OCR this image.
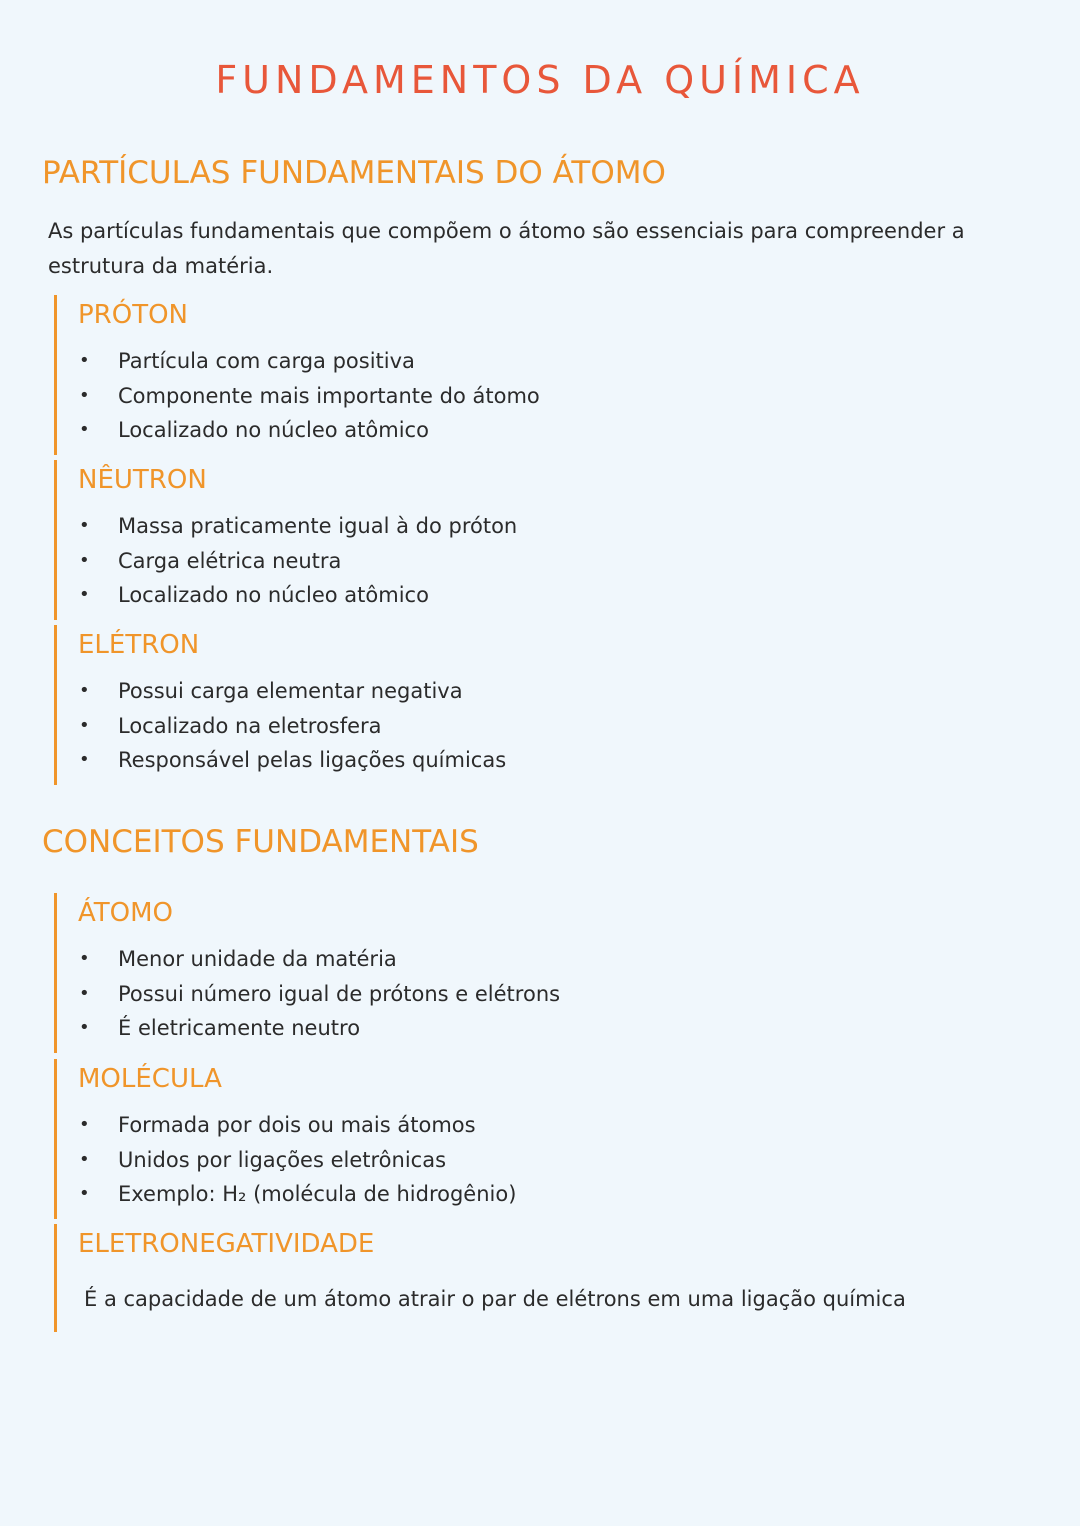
FUNDAMENTOS DA QUÍMICA
PARTÍCULAS FUNDAMENTAIS DO ÁTOMO

As partículas fundamentais que compõem o átomo são essenciais para compreender a estrutura da matéria.

PRÓTON
• Partícula com carga positiva
• Componente mais importante do átomo
• Localizado no núcleo atômico
NÊUTRON
• Massa praticamente igual à do próton
• Carga elétrica neutra
• Localizado no núcleo atômico
ELÉTRON
• Possui carga elementar negativa
• Localizado na eletrosfera
• Responsável pelas ligações químicas
CONCEITOS FUNDAMENTAIS
ÁTOMO
• Menor unidade da matéria
• Possui número igual de prótons e elétrons
• É eletricamente neutro
MOLÉCULA
• Formada por dois ou mais átomos
• Unidos por ligações eletrônicas
• Exemplo: H₂ (molécula de hidrogênio)
ELETRONEGATIVIDADE

É a capacidade de um átomo atrair o par de elétrons em uma ligação química
